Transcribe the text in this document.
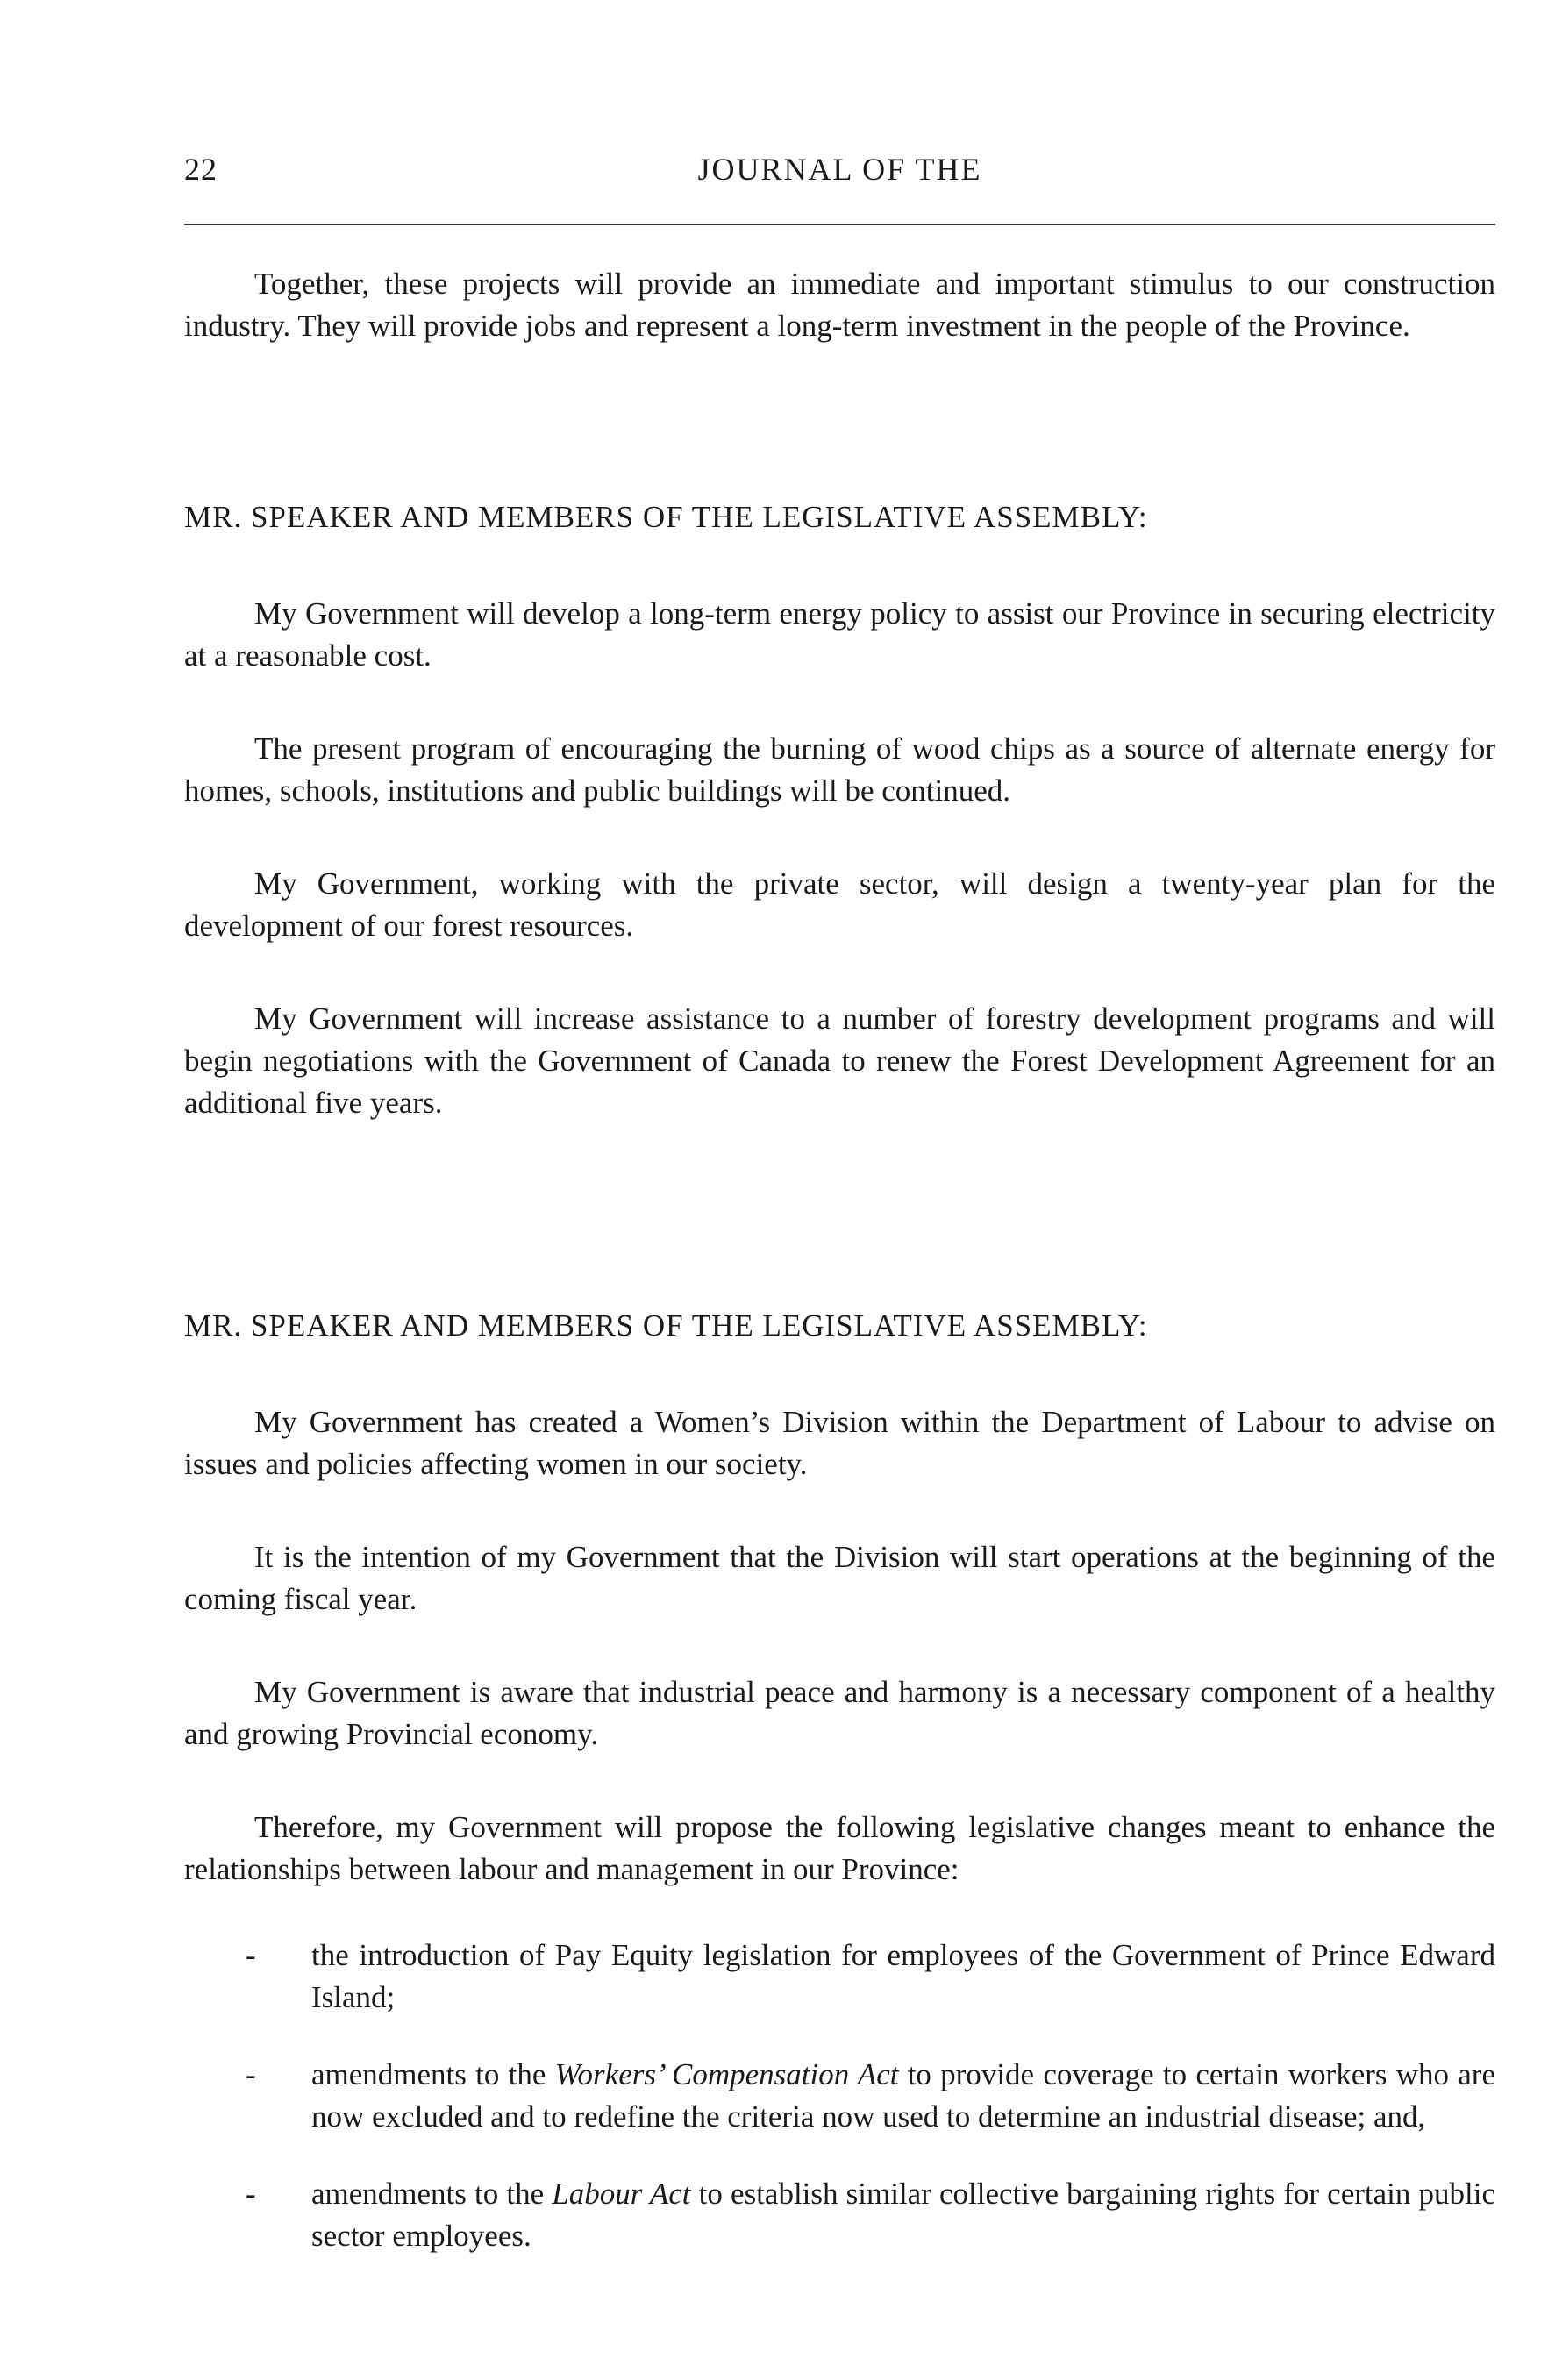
22	JOURNAL OF THE

Together, these projects will provide an immediate and important stimulus to our construction industry. They will provide jobs and represent a long-term investment in the people of the Province.

MR. SPEAKER AND MEMBERS OF THE LEGISLATIVE ASSEMBLY:

My Government will develop a long-term energy policy to assist our Province in securing electricity at a reasonable cost.

The present program of encouraging the burning of wood chips as a source of alternate energy for homes, schools, institutions and public buildings will be continued.

My Government, working with the private sector, will design a twenty-year plan for the development of our forest resources.

My Government will increase assistance to a number of forestry development programs and will begin negotiations with the Government of Canada to renew the Forest Development Agreement for an additional five years.

MR. SPEAKER AND MEMBERS OF THE LEGISLATIVE ASSEMBLY:

My Government has created a Women’s Division within the Department of Labour to advise on issues and policies affecting women in our society.

It is the intention of my Government that the Division will start operations at the beginning of the coming fiscal year.

My Government is aware that industrial peace and harmony is a necessary component of a healthy and growing Provincial economy.

Therefore, my Government will propose the following legislative changes meant to enhance the relationships between labour and management in our Province:

- the introduction of Pay Equity legislation for employees of the Government of Prince Edward Island;
- amendments to the Workers’ Compensation Act to provide coverage to certain workers who are now excluded and to redefine the criteria now used to determine an industrial disease; and,
- amendments to the Labour Act to establish similar collective bargaining rights for certain public sector employees.
